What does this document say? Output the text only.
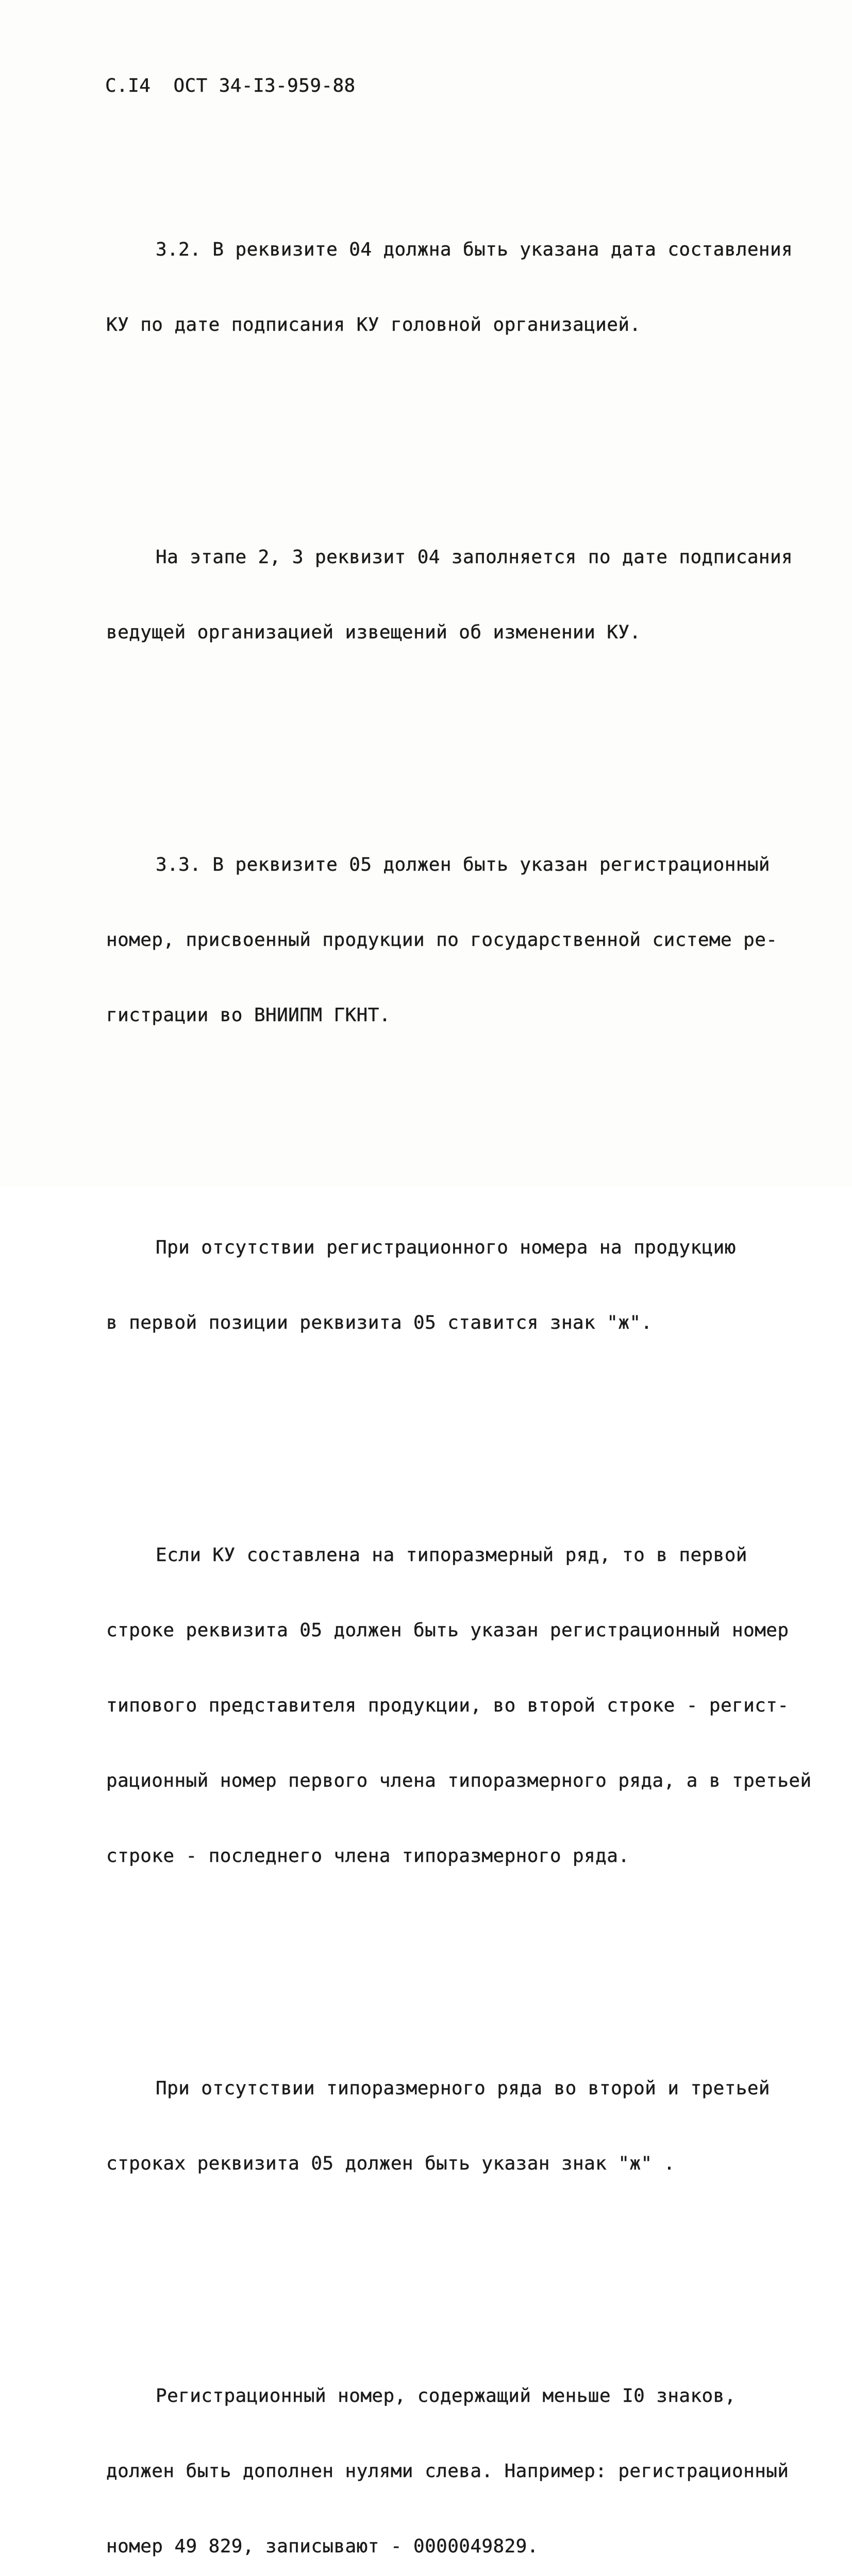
С.I4  ОСТ 34-I3-959-88

3.2. В реквизите 04 должна быть указана дата составления

КУ по дате подписания КУ головной организацией.

На этапе 2, 3 реквизит 04 заполняется по дате подписания

ведущей организацией извещений об изменении КУ.

3.3. В реквизите 05 должен быть указан регистрационный

номер, присвоенный продукции по государственной системе ре-

гистрации во ВНИИПМ ГКНТ.

При отсутствии регистрационного номера на продукцию

в первой позиции реквизита 05 ставится знак "ж".

Если КУ составлена на типоразмерный ряд, то в первой

строке реквизита 05 должен быть указан регистрационный номер

типового представителя продукции, во второй строке - регист-

рационный номер первого члена типоразмерного ряда, а в третьей

строке - последнего члена типоразмерного ряда.

При отсутствии типоразмерного ряда во второй и третьей

строках реквизита 05 должен быть указан знак "ж" .

Регистрационный номер, содержащий меньше I0 знаков,

должен быть дополнен нулями слева. Например: регистрационный

номер 49 829, записывают - 0000049829.
